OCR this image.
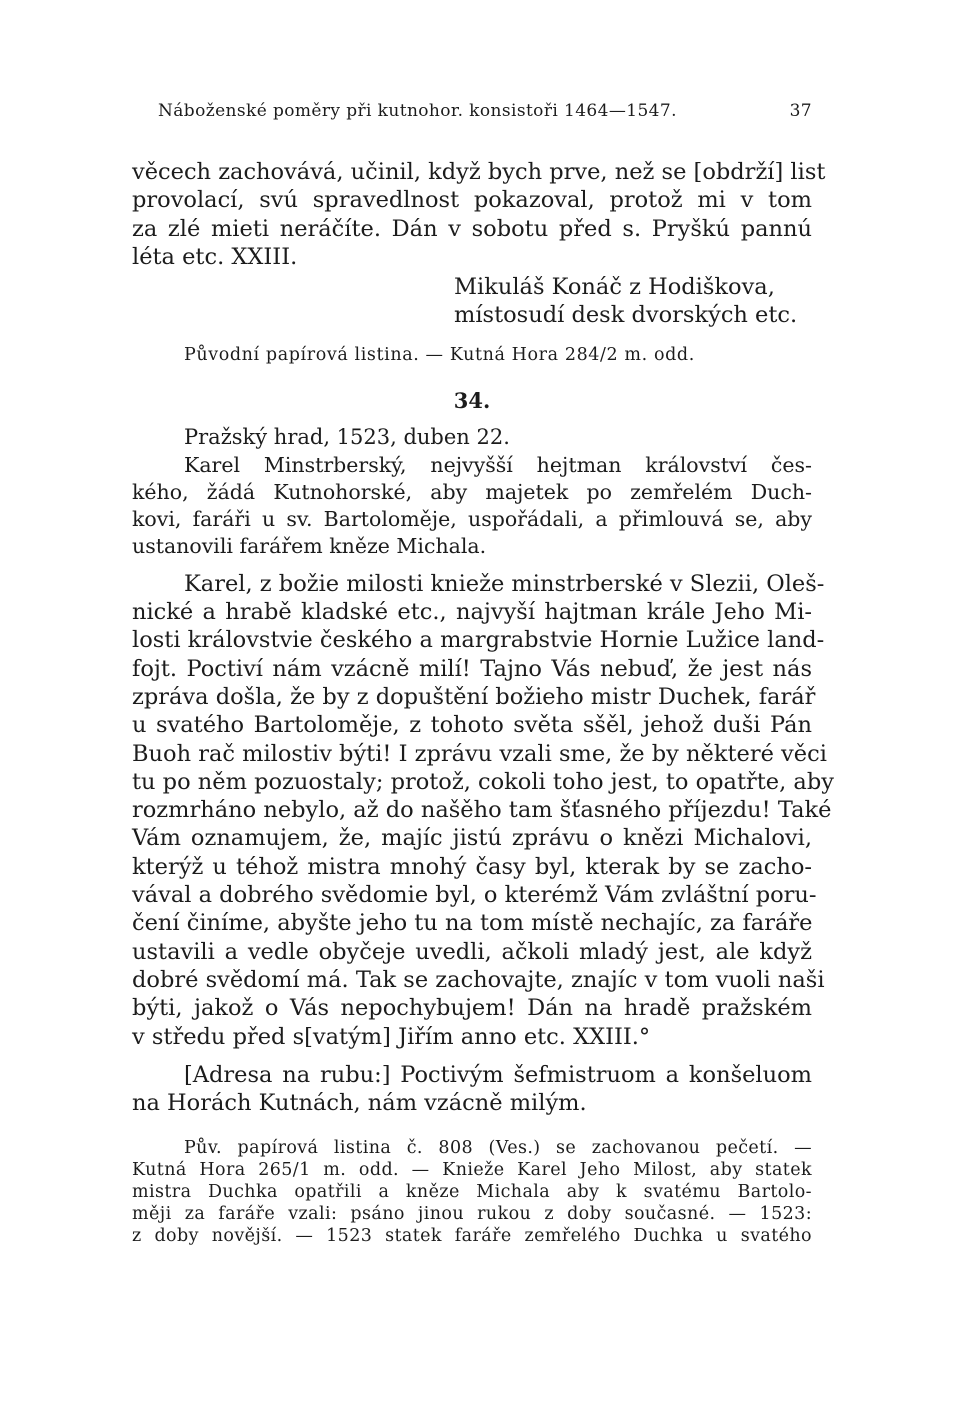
Náboženské poměry při kutnohor. konsistoři 1464—1547.	37
věcech zachovává, učinil, když bych prve, než se [obdrží] list
provolací, svú spravedlnost pokazoval, protož mi v tom
za zlé mieti neráčíte. Dán v sobotu před s. Pryškú pannú
léta etc. XXIII.
Mikuláš Konáč z Hodiškova,
místosudí desk dvorských etc.
Původní papírová listina. — Kutná Hora 284/2 m. odd.
34.
Pražský hrad, 1523, duben 22.
Karel Minstrberský, nejvyšší hejtman království čes-
kého, žádá Kutnohorské, aby majetek po zemřelém Duch-
kovi, faráři u sv. Bartoloměje, uspořádali, a přimlouvá se, aby
ustanovili farářem kněze Michala.
Karel, z božie milosti knieže minstrberské v Slezii, Oleš-
nické a hrabě kladské etc., najvyší hajtman krále Jeho Mi-
losti královstvie českého a margrabstvie Hornie Lužice land-
fojt. Poctiví nám vzácně milí! Tajno Vás nebuď, že jest nás
zpráva došla, že by z dopuštění božieho mistr Duchek, farář
u svatého Bartoloměje, z tohoto světa sšěl, jehož duši Pán
Buoh rač milostiv býti! I zprávu vzali sme, že by některé věci
tu po něm pozuostaly; protož, cokoli toho jest, to opatřte, aby
rozmrháno nebylo, až do našěho tam šťasného příjezdu! Také
Vám oznamujem, že, majíc jistú zprávu o knězi Michalovi,
kterýž u téhož mistra mnohý časy byl, kterak by se zacho-
vával a dobrého svědomie byl, o kterémž Vám zvláštní poru-
čení činíme, abyšte jeho tu na tom místě nechajíc, za faráře
ustavili a vedle obyčeje uvedli, ačkoli mladý jest, ale když
dobré svědomí má. Tak se zachovajte, znajíc v tom vuoli naši
býti, jakož o Vás nepochybujem! Dán na hradě pražském
v středu před s[vatým] Jiřím anno etc. XXIII.°
[Adresa na rubu:] Poctivým šefmistruom a konšeluom
na Horách Kutnách, nám vzácně milým.
Pův. papírová listina č. 808 (Ves.) se zachovanou pečetí. —
Kutná Hora 265/1 m. odd. — Knieže Karel Jeho Milost, aby statek
mistra Duchka opatřili a kněze Michala aby k svatému Bartolo-
měji za faráře vzali: psáno jinou rukou z doby současné. — 1523:
z doby novější. — 1523 statek faráře zemřelého Duchka u svatého
